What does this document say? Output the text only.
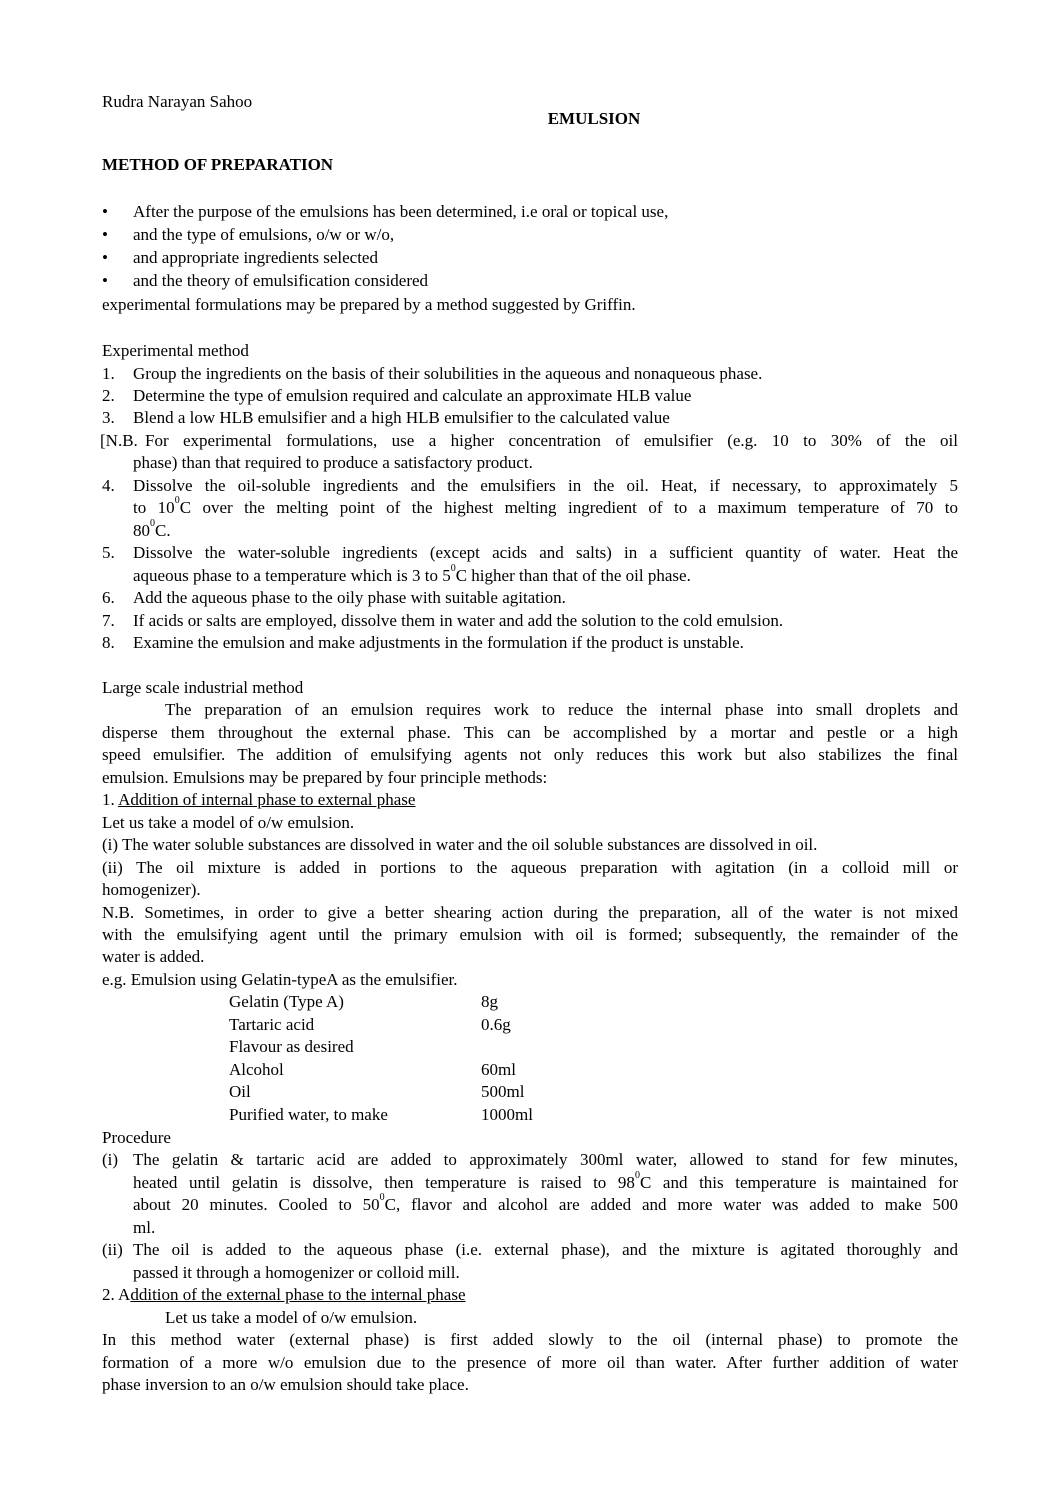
Rudra Narayan Sahoo
EMULSION
METHOD OF PREPARATION
• After the purpose of the emulsions has been determined, i.e oral or topical use,
• and the type of emulsions, o/w or w/o,
• and appropriate ingredients selected
• and the theory of emulsification considered
experimental formulations may be prepared by a method suggested by Griffin.
Experimental method
1. Group the ingredients on the basis of their solubilities in the aqueous and nonaqueous phase.
2. Determine the type of emulsion required and calculate an approximate HLB value
3. Blend a low HLB emulsifier and a high HLB emulsifier to the calculated value
[N.B. For experimental formulations, use a higher concentration of emulsifier (e.g. 10 to 30% of the oil
phase) than that required to produce a satisfactory product.
4. Dissolve the oil-soluble ingredients and the emulsifiers in the oil. Heat, if necessary, to approximately 5
to $10^0C$ over the melting point of the highest melting ingredient of to a maximum temperature of 70 to
$80^0C$.
5. Dissolve the water-soluble ingredients (except acids and salts) in a sufficient quantity of water. Heat the
aqueous phase to a temperature which is 3 to $5^0C$ higher than that of the oil phase.
6. Add the aqueous phase to the oily phase with suitable agitation.
7. If acids or salts are employed, dissolve them in water and add the solution to the cold emulsion.
8. Examine the emulsion and make adjustments in the formulation if the product is unstable.
Large scale industrial method
The preparation of an emulsion requires work to reduce the internal phase into small droplets and
disperse them throughout the external phase. This can be accomplished by a mortar and pestle or a high
speed emulsifier. The addition of emulsifying agents not only reduces this work but also stabilizes the final
emulsion. Emulsions may be prepared by four principle methods:
1. Addition of internal phase to external phase
Let us take a model of o/w emulsion.
(i) The water soluble substances are dissolved in water and the oil soluble substances are dissolved in oil.
(ii) The oil mixture is added in portions to the aqueous preparation with agitation (in a colloid mill or
homogenizer).
N.B. Sometimes, in order to give a better shearing action during the preparation, all of the water is not mixed
with the emulsifying agent until the primary emulsion with oil is formed; subsequently, the remainder of the
water is added.
e.g. Emulsion using Gelatin-typeA as the emulsifier.
Gelatin (Type A)	8g
Tartaric acid	0.6g
Flavour as desired
Alcohol	60ml
Oil	500ml
Purified water, to make	1000ml
Procedure
(i) The gelatin & tartaric acid are added to approximately 300ml water, allowed to stand for few minutes,
heated until gelatin is dissolve, then temperature is raised to $98^0C$ and this temperature is maintained for
about 20 minutes. Cooled to $50^0C$, flavor and alcohol are added and more water was added to make 500
ml.
(ii) The oil is added to the aqueous phase (i.e. external phase), and the mixture is agitated thoroughly and
passed it through a homogenizer or colloid mill.
2. Addition of the external phase to the internal phase
Let us take a model of o/w emulsion.
In this method water (external phase) is first added slowly to the oil (internal phase) to promote the
formation of a more w/o emulsion due to the presence of more oil than water. After further addition of water
phase inversion to an o/w emulsion should take place.
